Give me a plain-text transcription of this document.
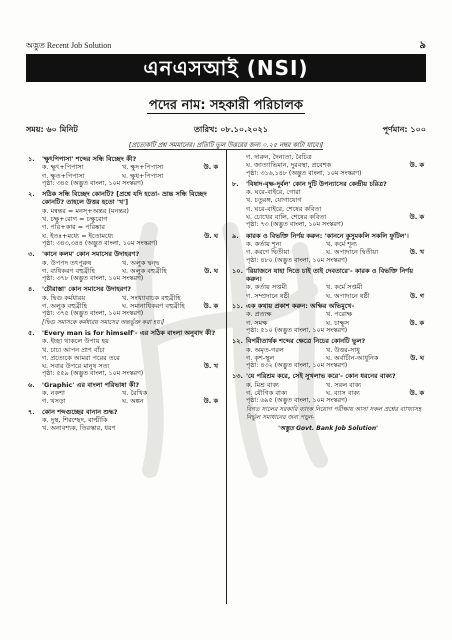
অদ্ভুত Recent Job Solution	৯
এনএসআই (NSI)
পদের নাম: সহকারী পরিচালক
সময়: ৬০ মিনিট	তারিখ: ০৮.১০.২০২১	পূর্ণমান: ১০০
[প্রত্যেকটি প্রশ্ন সমমানের। প্রতিটি ভুল উত্তরের জন্য ০.২৫ নম্বর কাটা যাবে।]
১.	'ক্ষুৎপিপাসা' শব্দের সন্ধি বিচ্ছেদ কী?
ক. ক্ষুৎ+পিপাসা	খ. ক্ষুদ+পিপাসা	উ. ক
গ. ক্ষুত+পিপাসা	ঘ. ক্ষুধ+পিপাসা
পৃষ্ঠা: ৩৪৫ (অদ্ভুত বাংলা, ১০ম সংস্করণ)
২.	সঠিক সন্ধি বিচ্ছেদ কোনটি? [প্রশ্নে যদি হতো- ভ্রান্ত সন্ধি বিচ্ছেদ কোনটি? তাহলে উত্তর হতো 'খ']
ক. মন্বন্তর = মনস্+অন্তর (মনন্তর)
খ. চক্ষু+রোগ = চক্ষুরোগ
গ. পরি+কার = পরিষ্কার
ঘ. ইতঃ+মধ্যে = ইতোমধ্যে	উ. ঘ
পৃষ্ঠা: ৩৪৩,৩৪৪ (অদ্ভুত বাংলা, ১০ম সংস্করণ)
৩.	'কানে কলম' কোন সমাসের উদাহরণ?
ক. উপপদ তৎপুরুষ	খ. অলুক দ্বন্দ্ব
গ. ব্যধিকরণ বহুব্রীহি	ঘ. অলুক বহুব্রীহি	উ. ঘ
পৃষ্ঠা: ৩৭৮ (অদ্ভুত বাংলা, ১০ম সংস্করণ)
৪.	'চৌরাস্তা' কোন সমাসের উদাহরণ?
ক. দ্বিগু কর্মধারয়	খ. সংখ্যাবাচক বহুব্রীহি
গ. অলুক বহুব্রীহি	ঘ. সমানাধিকরণ বহুব্রীহি	উ. ক
পৃষ্ঠা: ৩৭৫ (অদ্ভুত বাংলা, ১০ম সংস্করণ)
[দ্বিগু সমাসকে কর্মধারয় সমাসের অন্তর্ভুক্ত করা হয়।]
৫.	'Every man is for himself'- এর সঠিক বাংলা অনুবাদ কী?
ক. ইচ্ছা থাকলে উপায় হয়
খ. চাচা আপন প্রাণ বাঁচা
গ. প্রত্যেকে আমরা পরের তরে
ঘ. সবার উপরে মানুষ সত্য	উ. খ
পৃষ্ঠা: ৫৫৯ (অদ্ভুত বাংলা, ১০ম সংস্করণ)
৬.	'Graphic' এর বাংলা পরিভাষা কী?
ক. নকশা	খ. রৈখিক
গ. খসড়া	ঘ. অঙ্কন	উ. ক
৭.	কোন শব্দগুচ্ছের বানান শুদ্ধ?
ক. দুস্থ, শিরশ্ছেদ, বাল্মীকি
খ. অনাবশ্যক, তিরস্কার, ধরণ
গ. দারুন, দৈন্যতা, বৈচিত্র
ঘ. জাত্যাভিমান, দুরবস্থা, প্রবেশক	উ. ক
পৃষ্ঠা: ৩১৬,১৪৮ (অদ্ভুত বাংলা, ১০ম সংস্করণ)
৮.	'বিষাদ-বৃক্ষ-দুর্বল' কোন দুটি উপন্যাসের কেন্দ্রীয় চরিত্র?
ক. ঘরে-বাইরে, গোরা
খ. চতুরঙ্গ, যোগাযোগ
গ. ঘরে-বাইরে, শেষের কবিতা
ঘ. চোখের বালি, শেষের কবিতা	উ. ক
পৃষ্ঠা: ৭৩ (অদ্ভুত বাংলা, ১০ম সংস্করণ)
৯.	কারক ও বিভক্তি নির্ণয় করুন: 'কাননে কুসুমকলি সকলি ফুটিল'।
ক. কর্তায় শূন্য	খ. কর্মে শূন্য
গ. করণে দ্বিতীয়া	ঘ. অপাদানে দ্বিতীয়া	উ. খ
পৃষ্ঠা: ৪৮০ (অদ্ভুত বাংলা, ১০ম সংস্করণ)
১০. 'রিয়াজনে যাহা দিতে চাই তাই দেবতারে'- কারক ও বিভক্তি নির্ণয় করুন।
ক. কর্তায় সপ্তমী	খ. কর্মে সপ্তমী
গ. সম্প্রদানে ষষ্ঠী	ঘ. অপাদানে ষষ্ঠী	উ. গ
১১. এক কথায় প্রকাশ করুন: অক্ষির অভিমুখে-
ক. প্রত্যক্ষ	খ. পরোক্ষ
গ. সমক্ষ	ঘ. চাক্ষুস	উ. ক
পৃষ্ঠা: ৫১০ (অদ্ভুত বাংলা, ১০ম সংস্করণ)
১২. বিপরীতার্থক শব্দের ক্ষেত্রে নিচের কোনটি ভুল?
ক. অমৃত-গরল	খ. উত্তর-সাধু
গ. কৃশ-স্থূল	ঘ. অর্বাচীন-আধুনিক	উ. ঘ
পৃষ্ঠা: ৪৩২ (অদ্ভুত বাংলা, ১০ম সংস্করণ)
১৩. 'যে পরিশ্রম করে, সেই সুখলাভ করে'- কোন ধরনের বাক্য?
ক. মিশ্র বাক্য	খ. সরল বাক্য
গ. যৌগিক বাক্য	ঘ. ব্যাস বাক্য	উ. ক
পৃষ্ঠা: ৬৯৫ (অদ্ভুত বাংলা, ১০ম সংস্করণ)
বিগত সালের সরকারি ব্যাংক নিয়োগ পরীক্ষায় আসা সকল প্রশ্নের ব্যাখ্যাসহ নির্ভুল সমাধানের জন্য পড়ুন-
'অদ্ভুত Govt. Bank Job Solution'
